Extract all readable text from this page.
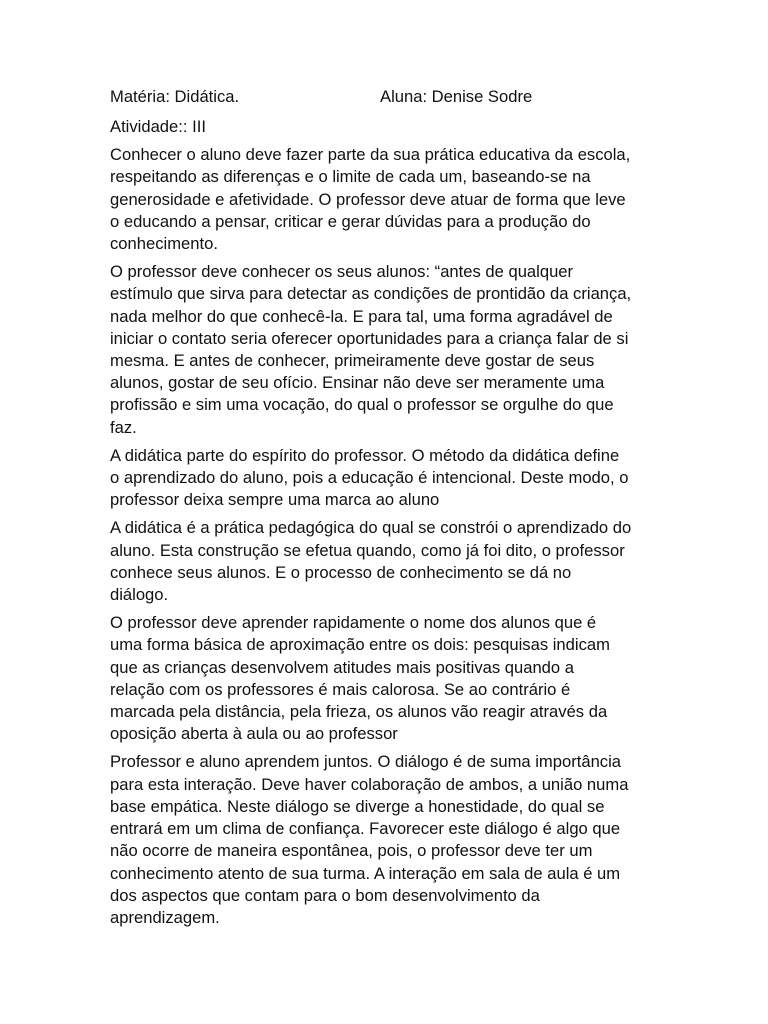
Matéria: Didática.	Aluna: Denise Sodre
Atividade:: III

Conhecer o aluno deve fazer parte da sua prática educativa da escola,
respeitando as diferenças e o limite de cada um, baseando-se na
generosidade e afetividade. O professor deve atuar de forma que leve
o educando a pensar, criticar e gerar dúvidas para a produção do
conhecimento.

O professor deve conhecer os seus alunos: “antes de qualquer
estímulo que sirva para detectar as condições de prontidão da criança,
nada melhor do que conhecê-la. E para tal, uma forma agradável de
iniciar o contato seria oferecer oportunidades para a criança falar de si
mesma. E antes de conhecer, primeiramente deve gostar de seus
alunos, gostar de seu ofício. Ensinar não deve ser meramente uma
profissão e sim uma vocação, do qual o professor se orgulhe do que
faz.

A didática parte do espírito do professor. O método da didática define
o aprendizado do aluno, pois a educação é intencional. Deste modo, o
professor deixa sempre uma marca ao aluno

A didática é a prática pedagógica do qual se constrói o aprendizado do
aluno. Esta construção se efetua quando, como já foi dito, o professor
conhece seus alunos. E o processo de conhecimento se dá no
diálogo.

O professor deve aprender rapidamente o nome dos alunos que é
uma forma básica de aproximação entre os dois: pesquisas indicam
que as crianças desenvolvem atitudes mais positivas quando a
relação com os professores é mais calorosa. Se ao contrário é
marcada pela distância, pela frieza, os alunos vão reagir através da
oposição aberta à aula ou ao professor

Professor e aluno aprendem juntos. O diálogo é de suma importância
para esta interação. Deve haver colaboração de ambos, a união numa
base empática. Neste diálogo se diverge a honestidade, do qual se
entrará em um clima de confiança. Favorecer este diálogo é algo que
não ocorre de maneira espontânea, pois, o professor deve ter um
conhecimento atento de sua turma. A interação em sala de aula é um
dos aspectos que contam para o bom desenvolvimento da
aprendizagem.
